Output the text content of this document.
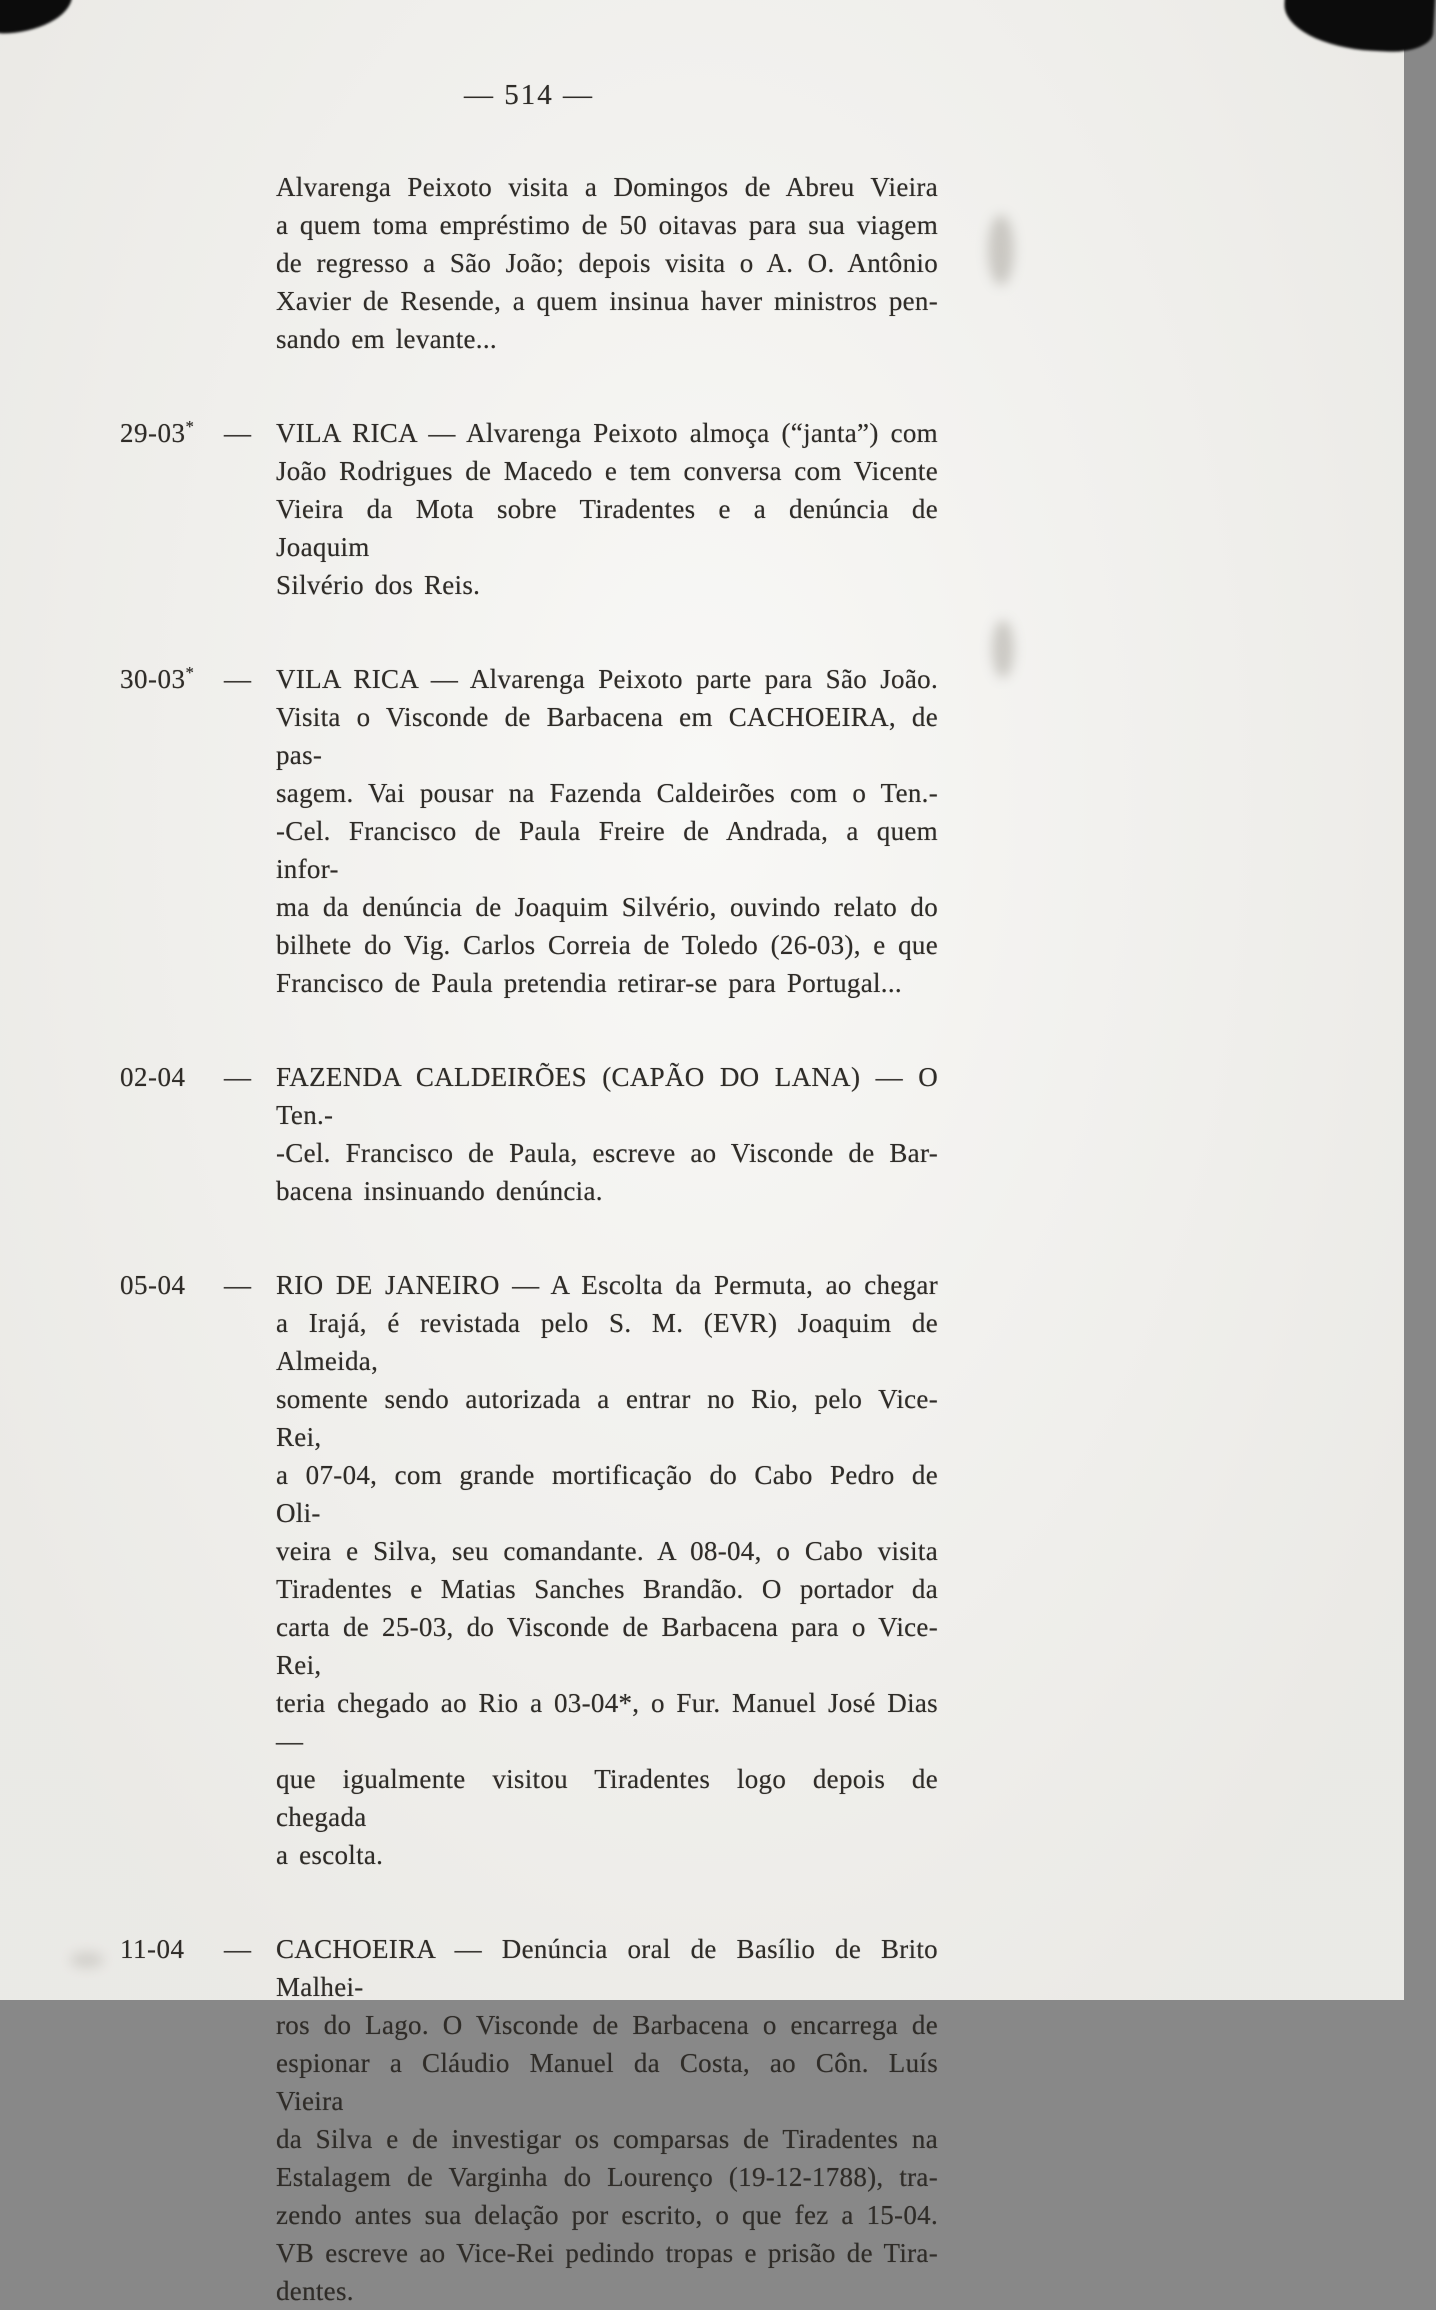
— 514 —
Alvarenga Peixoto visita a Domingos de Abreu Vieira
a quem toma empréstimo de 50 oitavas para sua viagem
de regresso a São João; depois visita o A. O. Antônio
Xavier de Resende, a quem insinua haver ministros pen-
sando em levante...
29-03*	— VILA RICA — Alvarenga Peixoto almoça (“janta”) com
João Rodrigues de Macedo e tem conversa com Vicente
Vieira da Mota sobre Tiradentes e a denúncia de Joaquim
Silvério dos Reis.
30-03*	— VILA RICA — Alvarenga Peixoto parte para São João.
Visita o Visconde de Barbacena em CACHOEIRA, de pas-
sagem. Vai pousar na Fazenda Caldeirões com o Ten.-
-Cel. Francisco de Paula Freire de Andrada, a quem infor-
ma da denúncia de Joaquim Silvério, ouvindo relato do
bilhete do Vig. Carlos Correia de Toledo (26-03), e que
Francisco de Paula pretendia retirar-se para Portugal...
02-04	— FAZENDA CALDEIRÕES (CAPÃO DO LANA) — O Ten.-
-Cel. Francisco de Paula, escreve ao Visconde de Bar-
bacena insinuando denúncia.
05-04	— RIO DE JANEIRO — A Escolta da Permuta, ao chegar
a Irajá, é revistada pelo S. M. (EVR) Joaquim de Almeida,
somente sendo autorizada a entrar no Rio, pelo Vice-Rei,
a 07-04, com grande mortificação do Cabo Pedro de Oli-
veira e Silva, seu comandante. A 08-04, o Cabo visita
Tiradentes e Matias Sanches Brandão. O portador da
carta de 25-03, do Visconde de Barbacena para o Vice-Rei,
teria chegado ao Rio a 03-04*, o Fur. Manuel José Dias —
que igualmente visitou Tiradentes logo depois de chegada
a escolta.
11-04	— CACHOEIRA — Denúncia oral de Basílio de Brito Malhei-
ros do Lago. O Visconde de Barbacena o encarrega de
espionar a Cláudio Manuel da Costa, ao Côn. Luís Vieira
da Silva e de investigar os comparsas de Tiradentes na
Estalagem de Varginha do Lourenço (19-12-1788), tra-
zendo antes sua delação por escrito, o que fez a 15-04.
VB escreve ao Vice-Rei pedindo tropas e prisão de Tira-
dentes.
